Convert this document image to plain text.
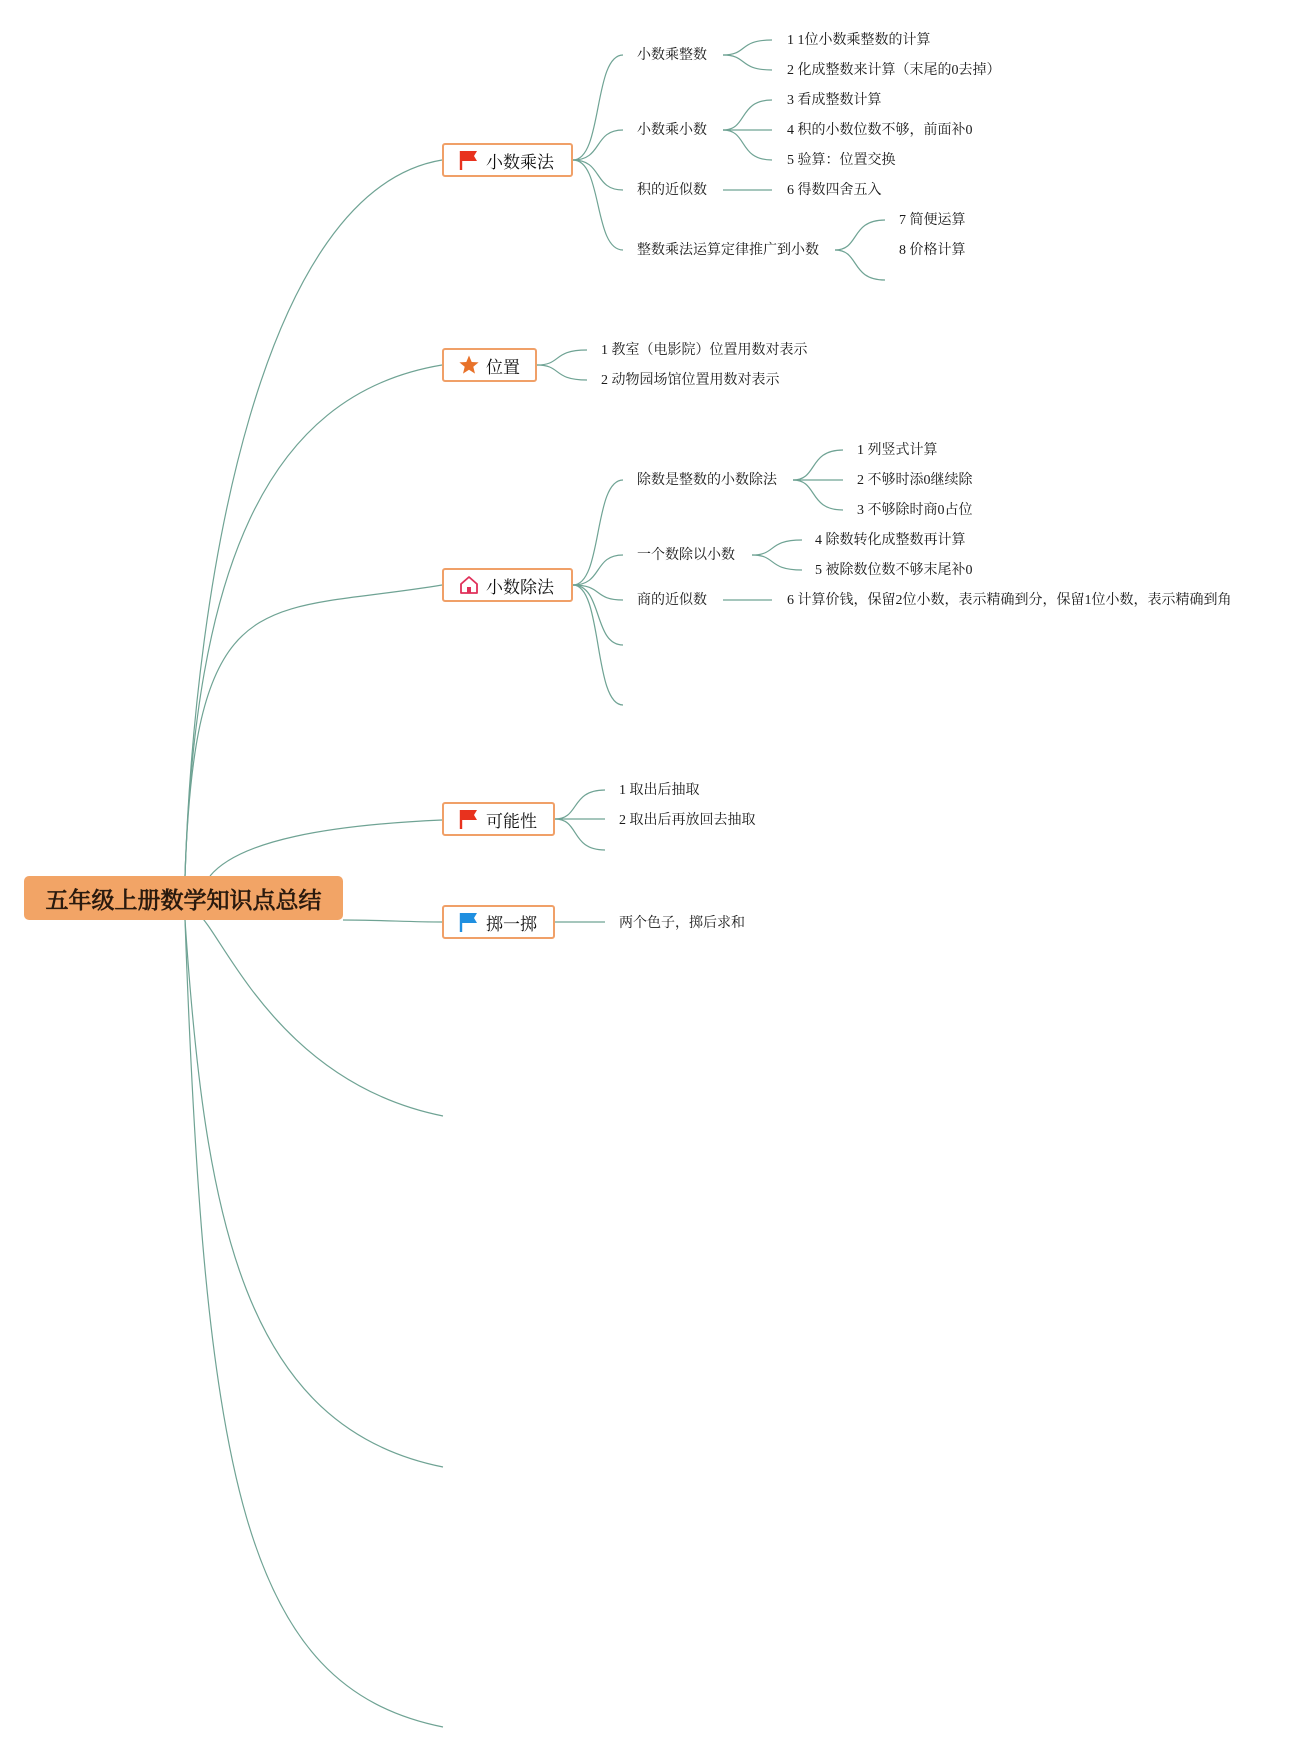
五年级上册数学知识点总结
小数乘法
位置
小数除法
可能性
掷一掷
小数乘整数
小数乘小数
积的近似数
整数乘法运算定律推广到小数
1 1位小数乘整数的计算
2 化成整数来计算（末尾的0去掉）
3 看成整数计算
4 积的小数位数不够，前面补0
5 验算：位置交换
6 得数四舍五入
7 简便运算
8 价格计算
1 教室（电影院）位置用数对表示
2 动物园场馆位置用数对表示
除数是整数的小数除法
一个数除以小数
商的近似数
1 列竖式计算
2 不够时添0继续除
3 不够除时商0占位
4 除数转化成整数再计算
5 被除数位数不够末尾补0
6 计算价钱，保留2位小数，表示精确到分，保留1位小数，表示精确到角
1 取出后抽取
2 取出后再放回去抽取
两个色子，掷后求和
